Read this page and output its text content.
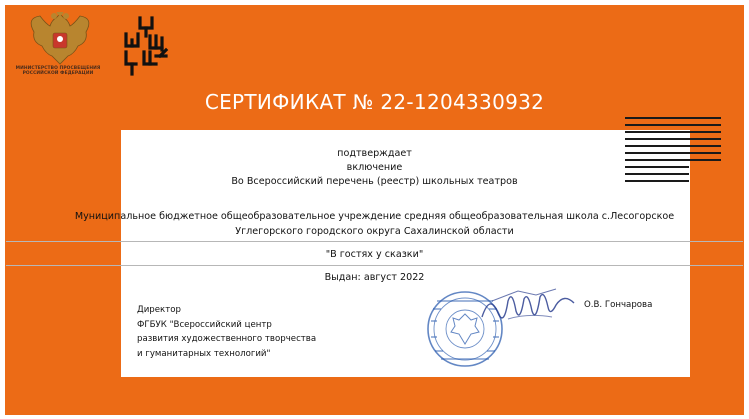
МИНИСТЕРСТВО ПРОСВЕЩЕНИЯ
РОССИЙСКОЙ ФЕДЕРАЦИИ
СЕРТИФИКАТ № 22-1204330932
подтверждает
включение
Во Всероссийский перечень (реестр) школьных театров
Муниципальное бюджетное общеобразовательное учреждение средняя общеобразовательная школа с.Лесогорское
Углегорского городского округа Сахалинской области
"В гостях у сказки"
Выдан: август 2022
Директор
ФГБУК "Всероссийский центр
развития художественного творчества
и гуманитарных технологий"
О.В. Гончарова
